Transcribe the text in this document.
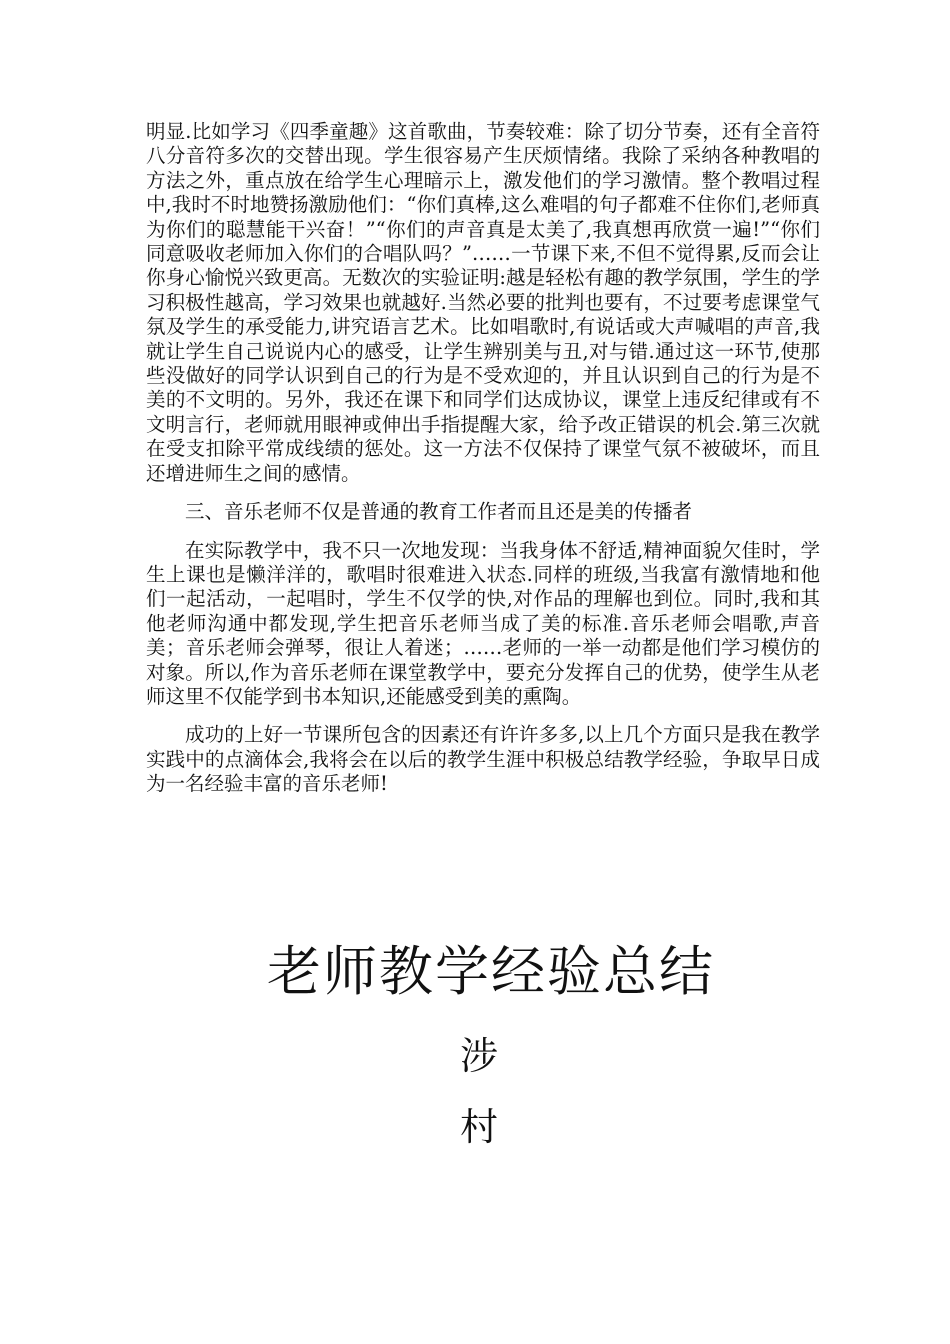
明显.比如学习《四季童趣》这首歌曲，节奏较难：除了切分节奏，还有全音符八分音符多次的交替出现。学生很容易产生厌烦情绪。我除了采纳各种教唱的方法之外，重点放在给学生心理暗示上，激发他们的学习激情。整个教唱过程中,我时不时地赞扬激励他们：“你们真棒,这么难唱的句子都难不住你们,老师真为你们的聪慧能干兴奋！”“你们的声音真是太美了,我真想再欣赏一遍!”“你们同意吸收老师加入你们的合唱队吗？”……一节课下来,不但不觉得累,反而会让你身心愉悦兴致更高。无数次的实验证明:越是轻松有趣的教学氛围，学生的学习积极性越高，学习效果也就越好.当然必要的批判也要有，不过要考虑课堂气氛及学生的承受能力,讲究语言艺术。比如唱歌时,有说话或大声喊唱的声音,我就让学生自己说说内心的感受，让学生辨别美与丑,对与错.通过这一环节,使那些没做好的同学认识到自己的行为是不受欢迎的，并且认识到自己的行为是不美的不文明的。另外，我还在课下和同学们达成协议，课堂上违反纪律或有不文明言行，老师就用眼神或伸出手指提醒大家，给予改正错误的机会.第三次就在受支扣除平常成线绩的惩处。这一方法不仅保持了课堂气氛不被破坏，而且还增进师生之间的感情。

三、音乐老师不仅是普通的教育工作者而且还是美的传播者

在实际教学中，我不只一次地发现：当我身体不舒适,精神面貌欠佳时，学生上课也是懒洋洋的，歌唱时很难进入状态.同样的班级,当我富有激情地和他们一起活动，一起唱时，学生不仅学的快,对作品的理解也到位。同时,我和其他老师沟通中都发现,学生把音乐老师当成了美的标准.音乐老师会唱歌,声音美；音乐老师会弹琴，很让人着迷；……老师的一举一动都是他们学习模仿的对象。所以,作为音乐老师在课堂教学中，要充分发挥自己的优势，使学生从老师这里不仅能学到书本知识,还能感受到美的熏陶。

成功的上好一节课所包含的因素还有许许多多,以上几个方面只是我在教学实践中的点滴体会,我将会在以后的教学生涯中积极总结教学经验，争取早日成为一名经验丰富的音乐老师!

老师教学经验总结
涉
村
